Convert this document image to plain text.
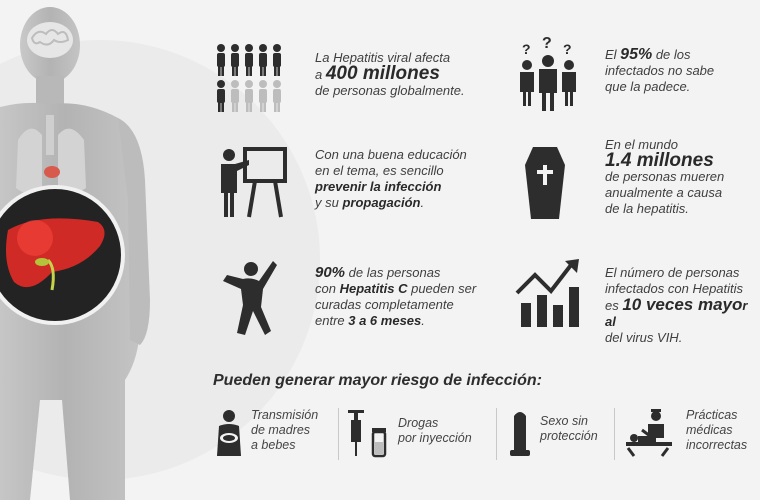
La Hepatitis viral afecta
a 400 millones
de personas globalmente.
? ? ?	El 95% de los
infectados no sabe
que la padece.
Con una buena educación
en el tema, es sencillo
prevenir la infección
y su propagación.
En el mundo
1.4 millones
de personas mueren
anualmente a causa
de la hepatitis.
90% de las personas
con Hepatitis C pueden ser
curadas completamente
entre 3 a 6 meses.
El número de personas
infectados con Hepatitis
es 10 veces mayor al
del virus VIH.
Pueden generar mayor riesgo de infección:
Transmisión
de madres
a bebes
Drogas
por inyección
Sexo sin
protección
Prácticas
médicas
incorrectas
